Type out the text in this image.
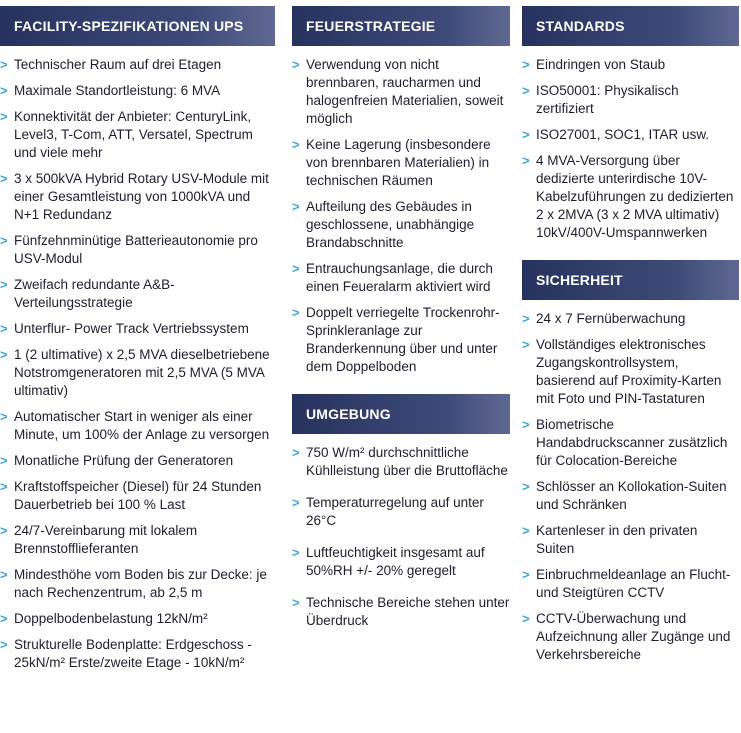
FACILITY-SPEZIFIKATIONEN UPS
> Technischer Raum auf drei Etagen
> Maximale Standortleistung: 6 MVA
> Konnektivität der Anbieter: CenturyLink, Level3, T-Com, ATT, Versatel, Spectrum und viele mehr
> 3 x 500kVA Hybrid Rotary USV-Module mit einer Gesamtleistung von 1000kVA und N+1 Redundanz
> Fünfzehnminütige Batterieautonomie pro USV-Modul
> Zweifach redundante A&B-Verteilungsstrategie
> Unterflur- Power Track Vertriebssystem
> 1 (2 ultimative) x 2,5 MVA dieselbetriebene Notstromgeneratoren mit 2,5 MVA (5 MVA ultimativ)
> Automatischer Start in weniger als einer Minute, um 100% der Anlage zu versorgen
> Monatliche Prüfung der Generatoren
> Kraftstoffspeicher (Diesel) für 24 Stunden Dauerbetrieb bei 100 % Last
> 24/7-Vereinbarung mit lokalem Brennstofflieferanten
> Mindesthöhe vom Boden bis zur Decke: je nach Rechenzentrum, ab 2,5 m
> Doppelbodenbelastung 12kN/m²
> Strukturelle Bodenplatte: Erdgeschoss - 25kN/m² Erste/zweite Etage - 10kN/m²
FEUERSTRATEGIE
> Verwendung von nicht brennbaren, raucharmen und halogenfreien Materialien, soweit möglich
> Keine Lagerung (insbesondere von brennbaren Materialien) in technischen Räumen
> Aufteilung des Gebäudes in geschlossene, unabhängige Brandabschnitte
> Entrauchungsanlage, die durch einen Feueralarm aktiviert wird
> Doppelt verriegelte Trockenrohr-Sprinkleranlage zur Branderkennung über und unter dem Doppelboden
UMGEBUNG
> 750 W/m² durchschnittliche Kühlleistung über die Bruttofläche
> Temperaturregelung auf unter 26°C
> Luftfeuchtigkeit insgesamt auf 50%RH +/- 20% geregelt
> Technische Bereiche stehen unter Überdruck
STANDARDS
> Eindringen von Staub
> ISO50001: Physikalisch zertifiziert
> ISO27001, SOC1, ITAR usw.
> 4 MVA-Versorgung über dedizierte unterirdische 10V-Kabelzuführungen zu dedizierten 2 x 2MVA (3 x 2 MVA ultimativ) 10kV/400V-Umspannwerken
SICHERHEIT
> 24 x 7 Fernüberwachung
> Vollständiges elektronisches Zugangskontrollsystem, basierend auf Proximity-Karten mit Foto und PIN-Tastaturen
> Biometrische Handabdruckscanner zusätzlich für Colocation-Bereiche
> Schlösser an Kollokation-Suiten und Schränken
> Kartenleser in den privaten Suiten
> Einbruchmeldeanlage an Flucht- und Steigtüren CCTV
> CCTV-Überwachung und Aufzeichnung aller Zugänge und Verkehrsbereiche
